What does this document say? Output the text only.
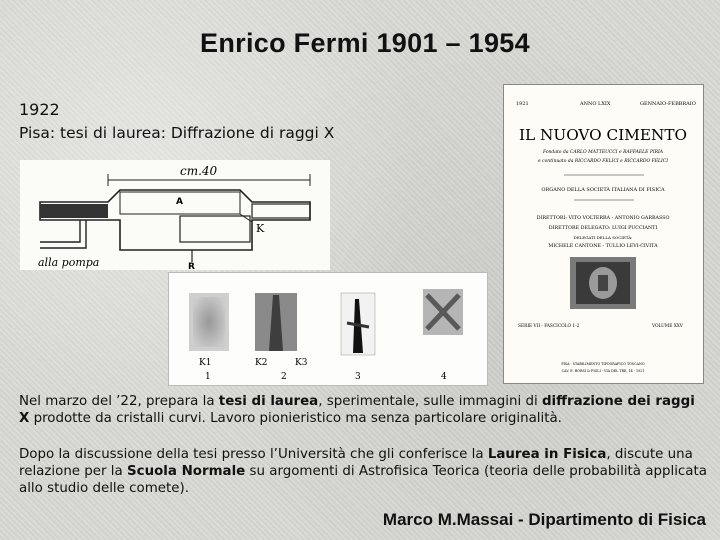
Enrico Fermi 1901 – 1954
1922
Pisa: tesi di laurea: Diffrazione di raggi X
cm.40
A
K
R
alla pompa
K1	K2	K3
1	2	3	4
1921	ANNO LXIX	GENNAIO-FEBBRAIO
IL NUOVO CIMENTO
Fondato da CARLO MATTEUCCI e RAFFAELE PIRIA
e continuato da RICCARDO FELICI e RICCARDO FELICI
ORGANO DELLA SOCIETÀ ITALIANA DI FISICA
DIRETTORI: VITO VOLTERRA - ANTONIO GARBASSO
DIRETTORE DELEGATO: LUIGI PUCCIANTI
DELEGATI DELLA SOCIETÀ:
MICHELE CANTONE - TULLIO LEVI-CIVITA
SERIE VII - FASCICOLO 1-2	VOLUME XXV
PISA - STABILIMENTO TIPOGRAFICO TOSCANO
CAV. E. BORSI & FIGLI - VIA DEL TRE, 14 - 1921
Nel marzo del ’22, prepara la tesi di laurea, sperimentale, sulle immagini di diffrazione dei raggi X prodotte da cristalli curvi. Lavoro pionieristico ma senza particolare originalità.
Dopo la discussione della tesi presso l’Università che gli conferisce la Laurea in Fisica, discute una relazione per la Scuola Normale su argomenti di Astrofisica Teorica (teoria delle probabilità applicata allo studio delle comete).
Marco M.Massai - Dipartimento di Fisica
